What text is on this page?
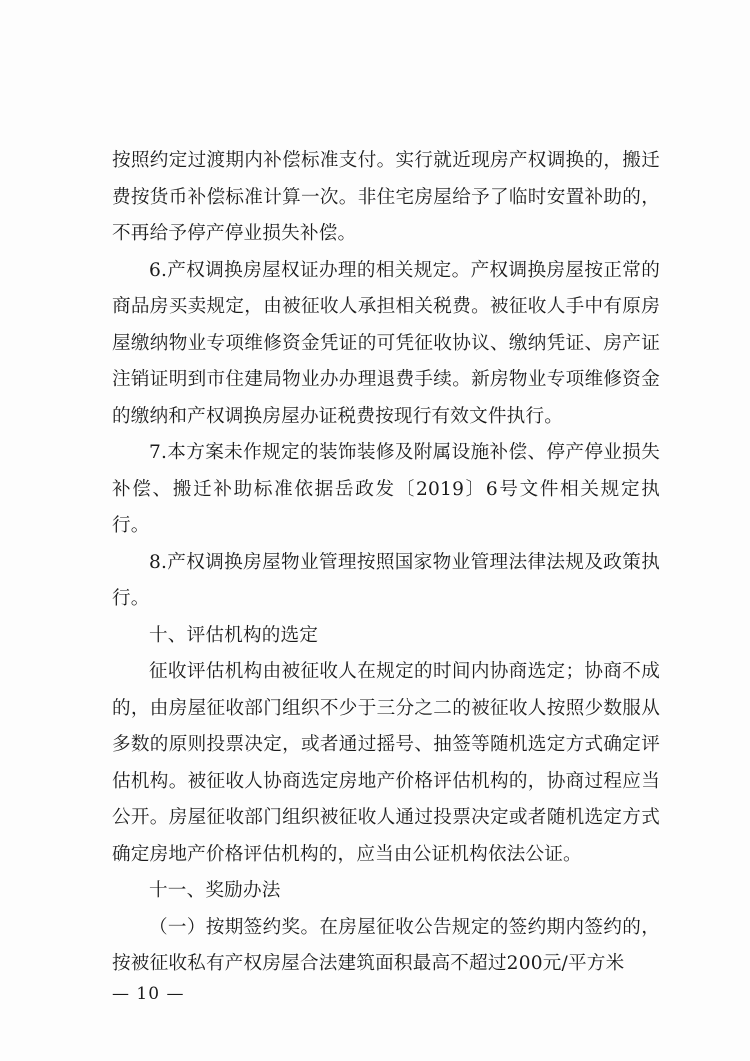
按照约定过渡期内补偿标准支付。实行就近现房产权调换的，搬迁费按货币补偿标准计算一次。非住宅房屋给予了临时安置补助的，不再给予停产停业损失补偿。

6.产权调换房屋权证办理的相关规定。产权调换房屋按正常的商品房买卖规定，由被征收人承担相关税费。被征收人手中有原房屋缴纳物业专项维修资金凭证的可凭征收协议、缴纳凭证、房产证注销证明到市住建局物业办办理退费手续。新房物业专项维修资金的缴纳和产权调换房屋办证税费按现行有效文件执行。

7.本方案未作规定的装饰装修及附属设施补偿、停产停业损失补偿、搬迁补助标准依据岳政发〔2019〕6号文件相关规定执行。

8.产权调换房屋物业管理按照国家物业管理法律法规及政策执行。

十、评估机构的选定

征收评估机构由被征收人在规定的时间内协商选定；协商不成的，由房屋征收部门组织不少于三分之二的被征收人按照少数服从多数的原则投票决定，或者通过摇号、抽签等随机选定方式确定评估机构。被征收人协商选定房地产价格评估机构的，协商过程应当公开。房屋征收部门组织被征收人通过投票决定或者随机选定方式确定房地产价格评估机构的，应当由公证机构依法公证。

十一、奖励办法

（一）按期签约奖。在房屋征收公告规定的签约期内签约的，按被征收私有产权房屋合法建筑面积最高不超过200元/平方米

— 10 —
